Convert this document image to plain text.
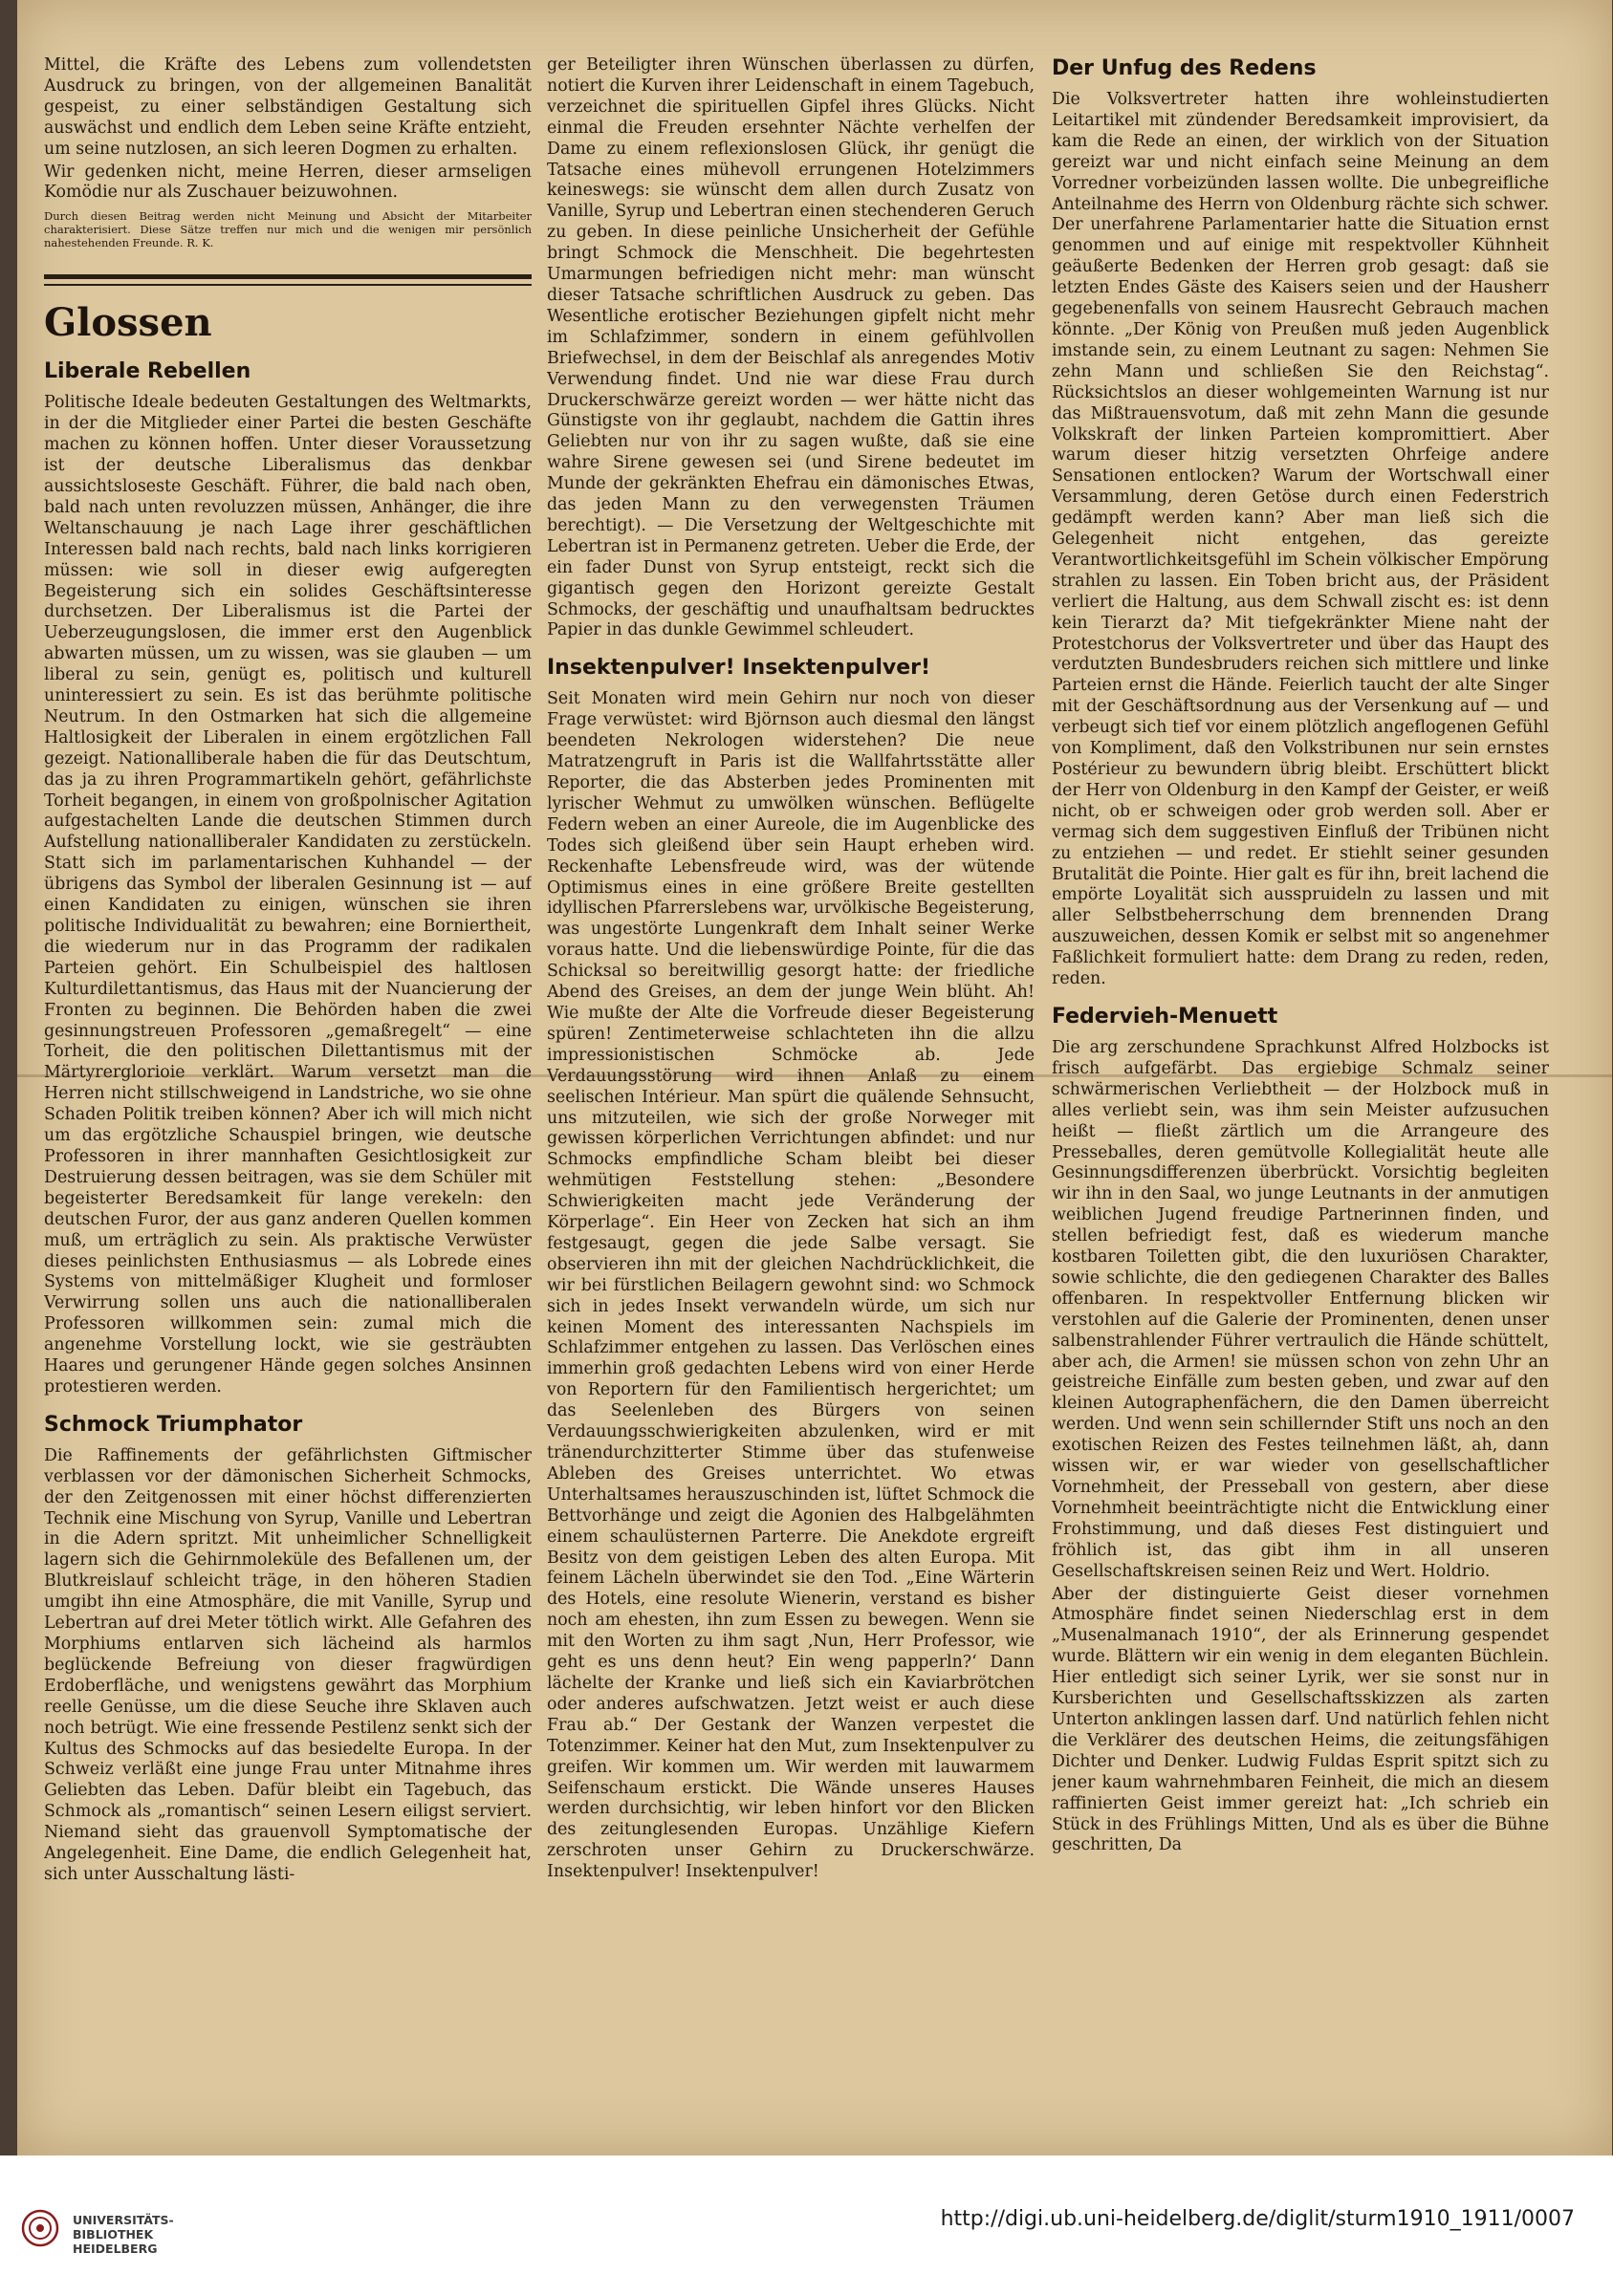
Mittel, die Kräfte des Lebens zum vollendetsten Ausdruck zu bringen, von der allgemeinen Banalität gespeist, zu einer selbständigen Gestaltung sich auswächst und endlich dem Leben seine Kräfte entzieht, um seine nutzlosen, an sich leeren Dogmen zu erhalten.

Wir gedenken nicht, meine Herren, dieser armseligen Komödie nur als Zuschauer beizuwohnen.

Durch diesen Beitrag werden nicht Meinung und Absicht der Mitarbeiter charakterisiert. Diese Sätze treffen nur mich und die wenigen mir persönlich nahestehenden Freunde. R. K.

Glossen
Liberale Rebellen

Politische Ideale bedeuten Gestaltungen des Weltmarkts, in der die Mitglieder einer Partei die besten Geschäfte machen zu können hoffen. Unter dieser Voraussetzung ist der deutsche Liberalismus das denkbar aussichtsloseste Geschäft. Führer, die bald nach oben, bald nach unten revoluzzen müssen, Anhänger, die ihre Weltanschauung je nach Lage ihrer geschäftlichen Interessen bald nach rechts, bald nach links korrigieren müssen: wie soll in dieser ewig aufgeregten Begeisterung sich ein solides Geschäftsinteresse durchsetzen. Der Liberalismus ist die Partei der Ueberzeugungslosen, die immer erst den Augenblick abwarten müssen, um zu wissen, was sie glauben — um liberal zu sein, genügt es, politisch und kulturell uninteressiert zu sein. Es ist das berühmte politische Neutrum. In den Ostmarken hat sich die allgemeine Haltlosigkeit der Liberalen in einem ergötzlichen Fall gezeigt. Nationalliberale haben die für das Deutschtum, das ja zu ihren Programmartikeln gehört, gefährlichste Torheit begangen, in einem von großpolnischer Agitation aufgestachelten Lande die deutschen Stimmen durch Aufstellung nationalliberaler Kandidaten zu zerstückeln. Statt sich im parlamentarischen Kuhhandel — der übrigens das Symbol der liberalen Gesinnung ist — auf einen Kandidaten zu einigen, wünschen sie ihren politische Individualität zu bewahren; eine Borniertheit, die wiederum nur in das Programm der radikalen Parteien gehört. Ein Schulbeispiel des haltlosen Kulturdilettantismus, das Haus mit der Nuancierung der Fronten zu beginnen. Die Behörden haben die zwei gesinnungstreuen Professoren „gemaßregelt“ — eine Torheit, die den politischen Dilettantismus mit der Märtyrerglorioie verklärt. Warum versetzt man die Herren nicht stillschweigend in Landstriche, wo sie ohne Schaden Politik treiben können? Aber ich will mich nicht um das ergötzliche Schauspiel bringen, wie deutsche Professoren in ihrer mannhaften Gesichtlosigkeit zur Destruierung dessen beitragen, was sie dem Schüler mit begeisterter Beredsamkeit für lange verekeln: den deutschen Furor, der aus ganz anderen Quellen kommen muß, um erträglich zu sein. Als praktische Verwüster dieses peinlichsten Enthusiasmus — als Lobrede eines Systems von mittelmäßiger Klugheit und formloser Verwirrung sollen uns auch die nationalliberalen Professoren willkommen sein: zumal mich die angenehme Vorstellung lockt, wie sie gesträubten Haares und gerungener Hände gegen solches Ansinnen protestieren werden.

Schmock Triumphator

Die Raffinements der gefährlichsten Giftmischer verblassen vor der dämonischen Sicherheit Schmocks, der den Zeitgenossen mit einer höchst differenzierten Technik eine Mischung von Syrup, Vanille und Lebertran in die Adern spritzt. Mit unheimlicher Schnelligkeit lagern sich die Gehirnmoleküle des Befallenen um, der Blutkreislauf schleicht träge, in den höheren Stadien umgibt ihn eine Atmosphäre, die mit Vanille, Syrup und Lebertran auf drei Meter tötlich wirkt. Alle Gefahren des Morphiums entlarven sich lächeind als harmlos beglückende Befreiung von dieser fragwürdigen Erdoberfläche, und wenigstens gewährt das Morphium reelle Genüsse, um die diese Seuche ihre Sklaven auch noch betrügt. Wie eine fressende Pestilenz senkt sich der Kultus des Schmocks auf das besiedelte Europa. In der Schweiz verläßt eine junge Frau unter Mitnahme ihres Geliebten das Leben. Dafür bleibt ein Tagebuch, das Schmock als „romantisch“ seinen Lesern eiligst serviert. Niemand sieht das grauenvoll Symptomatische der Angelegenheit. Eine Dame, die endlich Gelegenheit hat, sich unter Ausschaltung lästi-

ger Beteiligter ihren Wünschen überlassen zu dürfen, notiert die Kurven ihrer Leidenschaft in einem Tagebuch, verzeichnet die spirituellen Gipfel ihres Glücks. Nicht einmal die Freuden ersehnter Nächte verhelfen der Dame zu einem reflexionslosen Glück, ihr genügt die Tatsache eines mühevoll errungenen Hotelzimmers keineswegs: sie wünscht dem allen durch Zusatz von Vanille, Syrup und Lebertran einen stechenderen Geruch zu geben. In diese peinliche Unsicherheit der Gefühle bringt Schmock die Menschheit. Die begehrtesten Umarmungen befriedigen nicht mehr: man wünscht dieser Tatsache schriftlichen Ausdruck zu geben. Das Wesentliche erotischer Beziehungen gipfelt nicht mehr im Schlafzimmer, sondern in einem gefühlvollen Briefwechsel, in dem der Beischlaf als anregendes Motiv Verwendung findet. Und nie war diese Frau durch Druckerschwärze gereizt worden — wer hätte nicht das Günstigste von ihr geglaubt, nachdem die Gattin ihres Geliebten nur von ihr zu sagen wußte, daß sie eine wahre Sirene gewesen sei (und Sirene bedeutet im Munde der gekränkten Ehefrau ein dämonisches Etwas, das jeden Mann zu den verwegensten Träumen berechtigt). — Die Versetzung der Weltgeschichte mit Lebertran ist in Permanenz getreten. Ueber die Erde, der ein fader Dunst von Syrup entsteigt, reckt sich die gigantisch gegen den Horizont gereizte Gestalt Schmocks, der geschäftig und unaufhaltsam bedrucktes Papier in das dunkle Gewimmel schleudert.

Insektenpulver! Insektenpulver!

Seit Monaten wird mein Gehirn nur noch von dieser Frage verwüstet: wird Björnson auch diesmal den längst beendeten Nekrologen widerstehen? Die neue Matratzengruft in Paris ist die Wallfahrtsstätte aller Reporter, die das Absterben jedes Prominenten mit lyrischer Wehmut zu umwölken wünschen. Beflügelte Federn weben an einer Aureole, die im Augenblicke des Todes sich gleißend über sein Haupt erheben wird. Reckenhafte Lebensfreude wird, was der wütende Optimismus eines in eine größere Breite gestellten idyllischen Pfarrerslebens war, urvölkische Begeisterung, was ungestörte Lungenkraft dem Inhalt seiner Werke voraus hatte. Und die liebenswürdige Pointe, für die das Schicksal so bereitwillig gesorgt hatte: der friedliche Abend des Greises, an dem der junge Wein blüht. Ah! Wie mußte der Alte die Vorfreude dieser Begeisterung spüren! Zentimeterweise schlachteten ihn die allzu impressionistischen Schmöcke ab. Jede Verdauungsstörung wird ihnen Anlaß zu einem seelischen Intérieur. Man spürt die quälende Sehnsucht, uns mitzuteilen, wie sich der große Norweger mit gewissen körperlichen Verrichtungen abfindet: und nur Schmocks empfindliche Scham bleibt bei dieser wehmütigen Feststellung stehen: „Besondere Schwierigkeiten macht jede Veränderung der Körperlage“. Ein Heer von Zecken hat sich an ihm festgesaugt, gegen die jede Salbe versagt. Sie observieren ihn mit der gleichen Nachdrücklichkeit, die wir bei fürstlichen Beilagern gewohnt sind: wo Schmock sich in jedes Insekt verwandeln würde, um sich nur keinen Moment des interessanten Nachspiels im Schlafzimmer entgehen zu lassen. Das Verlöschen eines immerhin groß gedachten Lebens wird von einer Herde von Reportern für den Familientisch hergerichtet; um das Seelenleben des Bürgers von seinen Verdauungsschwierigkeiten abzulenken, wird er mit tränendurchzitterter Stimme über das stufenweise Ableben des Greises unterrichtet. Wo etwas Unterhaltsames herauszuschinden ist, lüftet Schmock die Bettvorhänge und zeigt die Agonien des Halbgelähmten einem schaulüsternen Parterre. Die Anekdote ergreift Besitz von dem geistigen Leben des alten Europa. Mit feinem Lächeln überwindet sie den Tod. „Eine Wärterin des Hotels, eine resolute Wienerin, verstand es bisher noch am ehesten, ihn zum Essen zu bewegen. Wenn sie mit den Worten zu ihm sagt ‚Nun, Herr Professor, wie geht es uns denn heut? Ein weng papperln?‘ Dann lächelte der Kranke und ließ sich ein Kaviarbrötchen oder anderes aufschwatzen. Jetzt weist er auch diese Frau ab.“ Der Gestank der Wanzen verpestet die Totenzimmer. Keiner hat den Mut, zum Insektenpulver zu greifen. Wir kommen um. Wir werden mit lauwarmem Seifenschaum erstickt. Die Wände unseres Hauses werden durchsichtig, wir leben hinfort vor den Blicken des zeitunglesenden Europas. Unzählige Kiefern zerschroten unser Gehirn zu Druckerschwärze. Insektenpulver! Insektenpulver!

Der Unfug des Redens

Die Volksvertreter hatten ihre wohleinstudierten Leitartikel mit zündender Beredsamkeit improvisiert, da kam die Rede an einen, der wirklich von der Situation gereizt war und nicht einfach seine Meinung an dem Vorredner vorbeizünden lassen wollte. Die unbegreifliche Anteilnahme des Herrn von Oldenburg rächte sich schwer. Der unerfahrene Parlamentarier hatte die Situation ernst genommen und auf einige mit respektvoller Kühnheit geäußerte Bedenken der Herren grob gesagt: daß sie letzten Endes Gäste des Kaisers seien und der Hausherr gegebenenfalls von seinem Hausrecht Gebrauch machen könnte. „Der König von Preußen muß jeden Augenblick imstande sein, zu einem Leutnant zu sagen: Nehmen Sie zehn Mann und schließen Sie den Reichstag“. Rücksichtslos an dieser wohlgemeinten Warnung ist nur das Mißtrauensvotum, daß mit zehn Mann die gesunde Volkskraft der linken Parteien kompromittiert. Aber warum dieser hitzig versetzten Ohrfeige andere Sensationen entlocken? Warum der Wortschwall einer Versammlung, deren Getöse durch einen Federstrich gedämpft werden kann? Aber man ließ sich die Gelegenheit nicht entgehen, das gereizte Verantwortlichkeitsgefühl im Schein völkischer Empörung strahlen zu lassen. Ein Toben bricht aus, der Präsident verliert die Haltung, aus dem Schwall zischt es: ist denn kein Tierarzt da? Mit tiefgekränkter Miene naht der Protestchorus der Volksvertreter und über das Haupt des verdutzten Bundesbruders reichen sich mittlere und linke Parteien ernst die Hände. Feierlich taucht der alte Singer mit der Geschäftsordnung aus der Versenkung auf — und verbeugt sich tief vor einem plötzlich angeflogenen Gefühl von Kompliment, daß den Volkstribunen nur sein ernstes Postérieur zu bewundern übrig bleibt. Erschüttert blickt der Herr von Oldenburg in den Kampf der Geister, er weiß nicht, ob er schweigen oder grob werden soll. Aber er vermag sich dem suggestiven Einfluß der Tribünen nicht zu entziehen — und redet. Er stiehlt seiner gesunden Brutalität die Pointe. Hier galt es für ihn, breit lachend die empörte Loyalität sich ausspruideln zu lassen und mit aller Selbstbeherrschung dem brennenden Drang auszuweichen, dessen Komik er selbst mit so angenehmer Faßlichkeit formuliert hatte: dem Drang zu reden, reden, reden.

Federvieh-Menuett

Die arg zerschundene Sprachkunst Alfred Holzbocks ist frisch aufgefärbt. Das ergiebige Schmalz seiner schwärmerischen Verliebtheit — der Holzbock muß in alles verliebt sein, was ihm sein Meister aufzusuchen heißt — fließt zärtlich um die Arrangeure des Presseballes, deren gemütvolle Kollegialität heute alle Gesinnungsdifferenzen überbrückt. Vorsichtig begleiten wir ihn in den Saal, wo junge Leutnants in der anmutigen weiblichen Jugend freudige Partnerinnen finden, und stellen befriedigt fest, daß es wiederum manche kostbaren Toiletten gibt, die den luxuriösen Charakter, sowie schlichte, die den gediegenen Charakter des Balles offenbaren. In respektvoller Entfernung blicken wir verstohlen auf die Galerie der Prominenten, denen unser salbenstrahlender Führer vertraulich die Hände schüttelt, aber ach, die Armen! sie müssen schon von zehn Uhr an geistreiche Einfälle zum besten geben, und zwar auf den kleinen Autographenfächern, die den Damen überreicht werden. Und wenn sein schillernder Stift uns noch an den exotischen Reizen des Festes teilnehmen läßt, ah, dann wissen wir, er war wieder von gesellschaftlicher Vornehmheit, der Presseball von gestern, aber diese Vornehmheit beeinträchtigte nicht die Entwicklung einer Frohstimmung, und daß dieses Fest distinguiert und fröhlich ist, das gibt ihm in all unseren Gesellschaftskreisen seinen Reiz und Wert. Holdrio.

Aber der distinguierte Geist dieser vornehmen Atmosphäre findet seinen Niederschlag erst in dem „Musenalmanach 1910“, der als Erinnerung gespendet wurde. Blättern wir ein wenig in dem eleganten Büchlein. Hier entledigt sich seiner Lyrik, wer sie sonst nur in Kursberichten und Gesellschaftsskizzen als zarten Unterton anklingen lassen darf. Und natürlich fehlen nicht die Verklärer des deutschen Heims, die zeitungsfähigen Dichter und Denker. Ludwig Fuldas Esprit spitzt sich zu jener kaum wahrnehmbaren Feinheit, die mich an diesem raffinierten Geist immer gereizt hat: „Ich schrieb ein Stück in des Frühlings Mitten, Und als es über die Bühne geschritten, Da

UNIVERSITÄTS-
BIBLIOTHEK
HEIDELBERG
http://digi.ub.uni-heidelberg.de/diglit/sturm1910_1911/0007
